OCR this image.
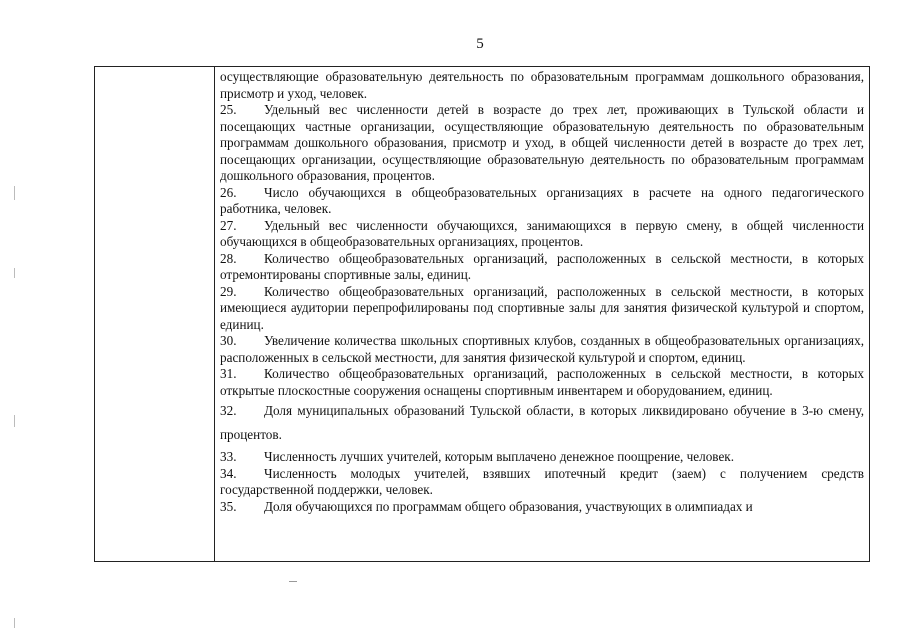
5

осуществляющие образовательную деятельность по образовательным программам дошкольного образования, присмотр и уход, человек.

25. Удельный вес численности детей в возрасте до трех лет, проживающих в Тульской области и посещающих частные организации, осуществляющие образовательную деятельность по образовательным программам дошкольного образования, присмотр и уход, в общей численности детей в возрасте до трех лет, посещающих организации, осуществляющие образовательную деятельность по образовательным программам дошкольного образования, процентов.

26. Число обучающихся в общеобразовательных организациях в расчете на одного педагогического работника, человек.

27. Удельный вес численности обучающихся, занимающихся в первую смену, в общей численности обучающихся в общеобразовательных организациях, процентов.

28. Количество общеобразовательных организаций, расположенных в сельской местности, в которых отремонтированы спортивные залы, единиц.

29. Количество общеобразовательных организаций, расположенных в сельской местности, в которых имеющиеся аудитории перепрофилированы под спортивные залы для занятия физической культурой и спортом, единиц.

30. Увеличение количества школьных спортивных клубов, созданных в общеобразовательных организациях, расположенных в сельской местности, для занятия физической культурой и спортом, единиц.

31. Количество общеобразовательных организаций, расположенных в сельской местности, в которых открытые плоскостные сооружения оснащены спортивным инвентарем и оборудованием, единиц.

32. Доля муниципальных образований Тульской области, в которых ликвидировано обучение в 3-ю смену, процентов.

33. Численность лучших учителей, которым выплачено денежное поощрение, человек.

34. Численность молодых учителей, взявших ипотечный кредит (заем) с получением средств государственной поддержки, человек.

35. Доля обучающихся по программам общего образования, участвующих в олимпиадах и
